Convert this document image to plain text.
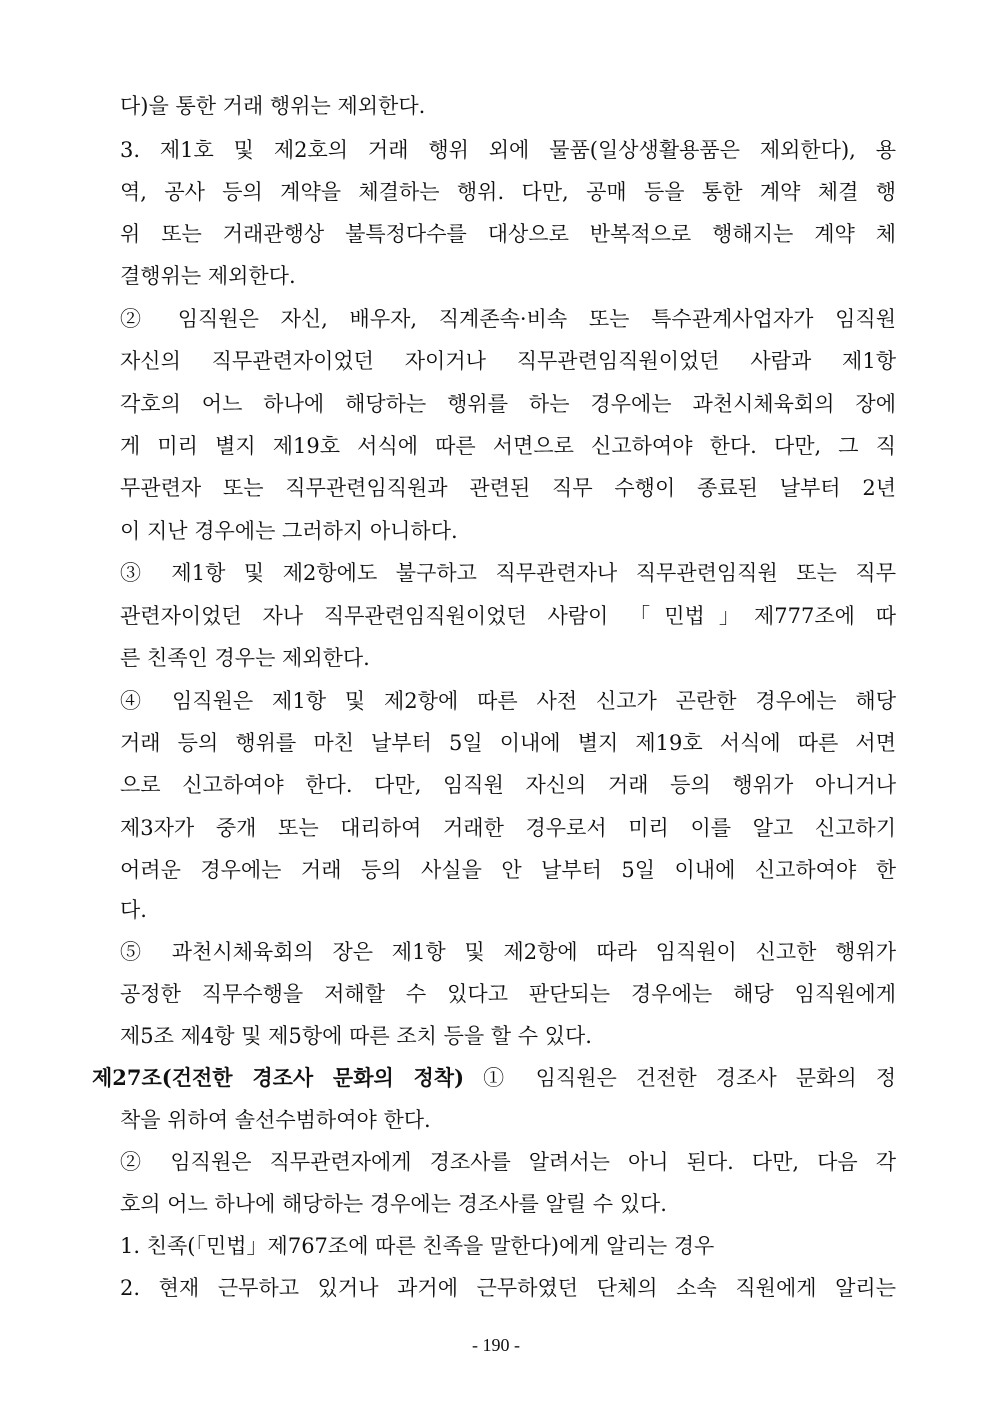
다)을 통한 거래 행위는 제외한다.
3. 제1호 및 제2호의 거래 행위 외에 물품(일상생활용품은 제외한다), 용
역, 공사 등의 계약을 체결하는 행위. 다만, 공매 등을 통한 계약 체결 행
위 또는 거래관행상 불특정다수를 대상으로 반복적으로 행해지는 계약 체
결행위는 제외한다.
② 임직원은 자신, 배우자, 직계존속·비속 또는 특수관계사업자가 임직원
자신의 직무관련자이었던 자이거나 직무관련임직원이었던 사람과 제1항
각호의 어느 하나에 해당하는 행위를 하는 경우에는 과천시체육회의 장에
게 미리 별지 제19호 서식에 따른 서면으로 신고하여야 한다. 다만, 그 직
무관련자 또는 직무관련임직원과 관련된 직무 수행이 종료된 날부터 2년
이 지난 경우에는 그러하지 아니하다.
③ 제1항 및 제2항에도 불구하고 직무관련자나 직무관련임직원 또는 직무
관련자이었던 자나 직무관련임직원이었던 사람이 「민법」제777조에 따
른 친족인 경우는 제외한다.
④ 임직원은 제1항 및 제2항에 따른 사전 신고가 곤란한 경우에는 해당
거래 등의 행위를 마친 날부터 5일 이내에 별지 제19호 서식에 따른 서면
으로 신고하여야 한다. 다만, 임직원 자신의 거래 등의 행위가 아니거나
제3자가 중개 또는 대리하여 거래한 경우로서 미리 이를 알고 신고하기
어려운 경우에는 거래 등의 사실을 안 날부터 5일 이내에 신고하여야 한
다.
⑤ 과천시체육회의 장은 제1항 및 제2항에 따라 임직원이 신고한 행위가
공정한 직무수행을 저해할 수 있다고 판단되는 경우에는 해당 임직원에게
제5조 제4항 및 제5항에 따른 조치 등을 할 수 있다.
제27조(건전한 경조사 문화의 정착) ① 임직원은 건전한 경조사 문화의 정
착을 위하여 솔선수범하여야 한다.
② 임직원은 직무관련자에게 경조사를 알려서는 아니 된다. 다만, 다음 각
호의 어느 하나에 해당하는 경우에는 경조사를 알릴 수 있다.
1. 친족(「민법」제767조에 따른 친족을 말한다)에게 알리는 경우
2. 현재 근무하고 있거나 과거에 근무하였던 단체의 소속 직원에게 알리는
- 190 -
